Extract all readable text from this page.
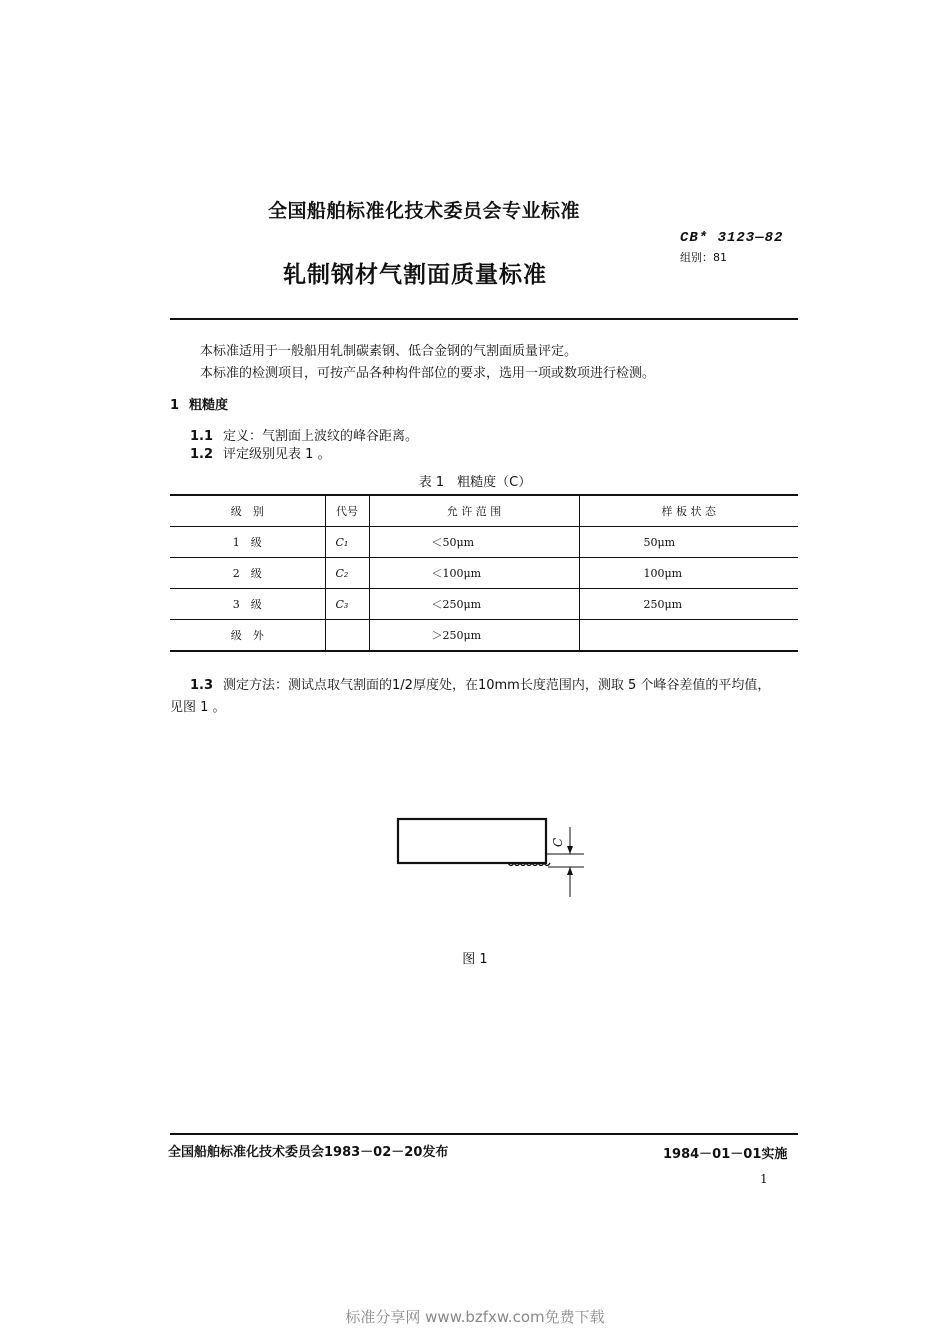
全国船舶标准化技术委员会专业标准
CB* 3123—82
组别：81
轧制钢材气割面质量标准
本标准适用于一般船用轧制碳素钢、低合金钢的气割面质量评定。
本标准的检测项目，可按产品各种构件部位的要求，选用一项或数项进行检测。
1 粗糙度
1.1 定义：气割面上波纹的峰谷距离。
1.2 评定级别见表 1 。
表 1　粗糙度（C）
级　别	代号	允 许 范 围	样 板 状 态
1　级	C₁	＜50μm	50μm
2　级	C₂	＜100μm	100μm
3　级	C₃	＜250μm	250μm
级　外		＞250μm	
1.3 测定方法：测试点取气割面的1/2厚度处，在10mm长度范围内，测取 5 个峰谷差值的平均值，
见图 1 。
C
图 1
全国船舶标准化技术委员会1983－02－20发布	1984－01－01实施
1
标准分享网 www.bzfxw.com免费下载
